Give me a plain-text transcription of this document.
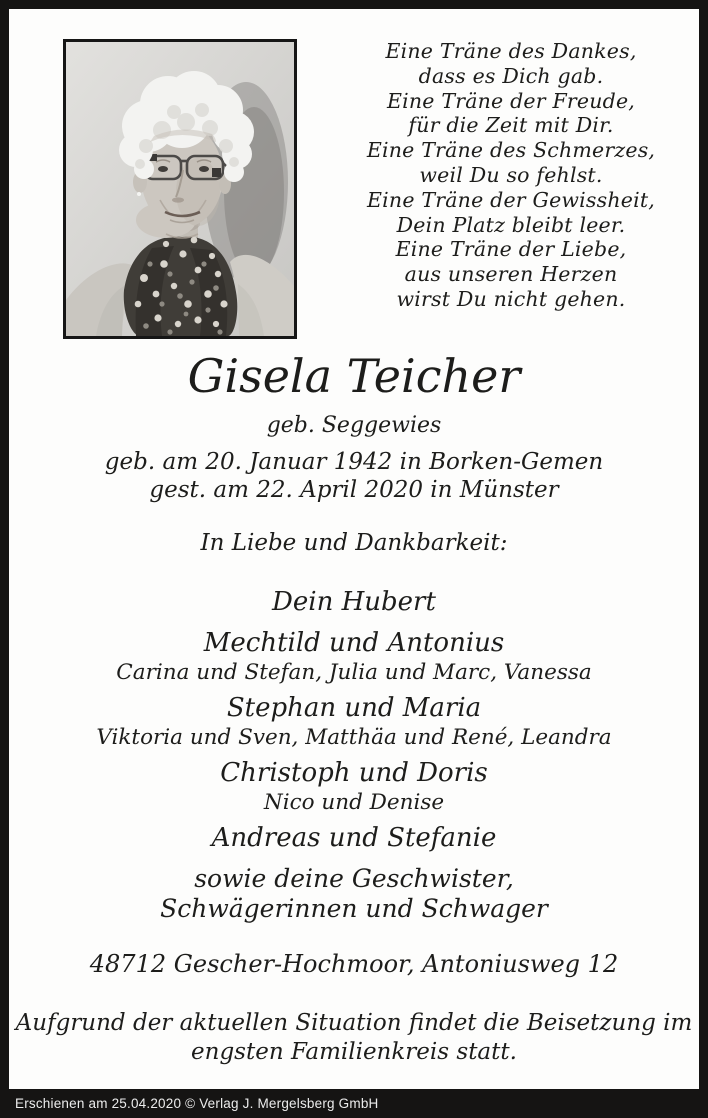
Eine Träne des Dankes,
dass es Dich gab.
Eine Träne der Freude,
für die Zeit mit Dir.
Eine Träne des Schmerzes,
weil Du so fehlst.
Eine Träne der Gewissheit,
Dein Platz bleibt leer.
Eine Träne der Liebe,
aus unseren Herzen
wirst Du nicht gehen.
Gisela Teicher
geb. Seggewies
geb. am 20. Januar 1942 in Borken-Gemen
gest. am 22. April 2020 in Münster
In Liebe und Dankbarkeit:
Dein Hubert
Mechtild und Antonius
Carina und Stefan, Julia und Marc, Vanessa
Stephan und Maria
Viktoria und Sven, Matthäa und René, Leandra
Christoph und Doris
Nico und Denise
Andreas und Stefanie
sowie deine Geschwister,
Schwägerinnen und Schwager
48712 Gescher-Hochmoor, Antoniusweg 12
Aufgrund der aktuellen Situation findet die Beisetzung im
engsten Familienkreis statt.
Erschienen am 25.04.2020 © Verlag J. Mergelsberg GmbH
